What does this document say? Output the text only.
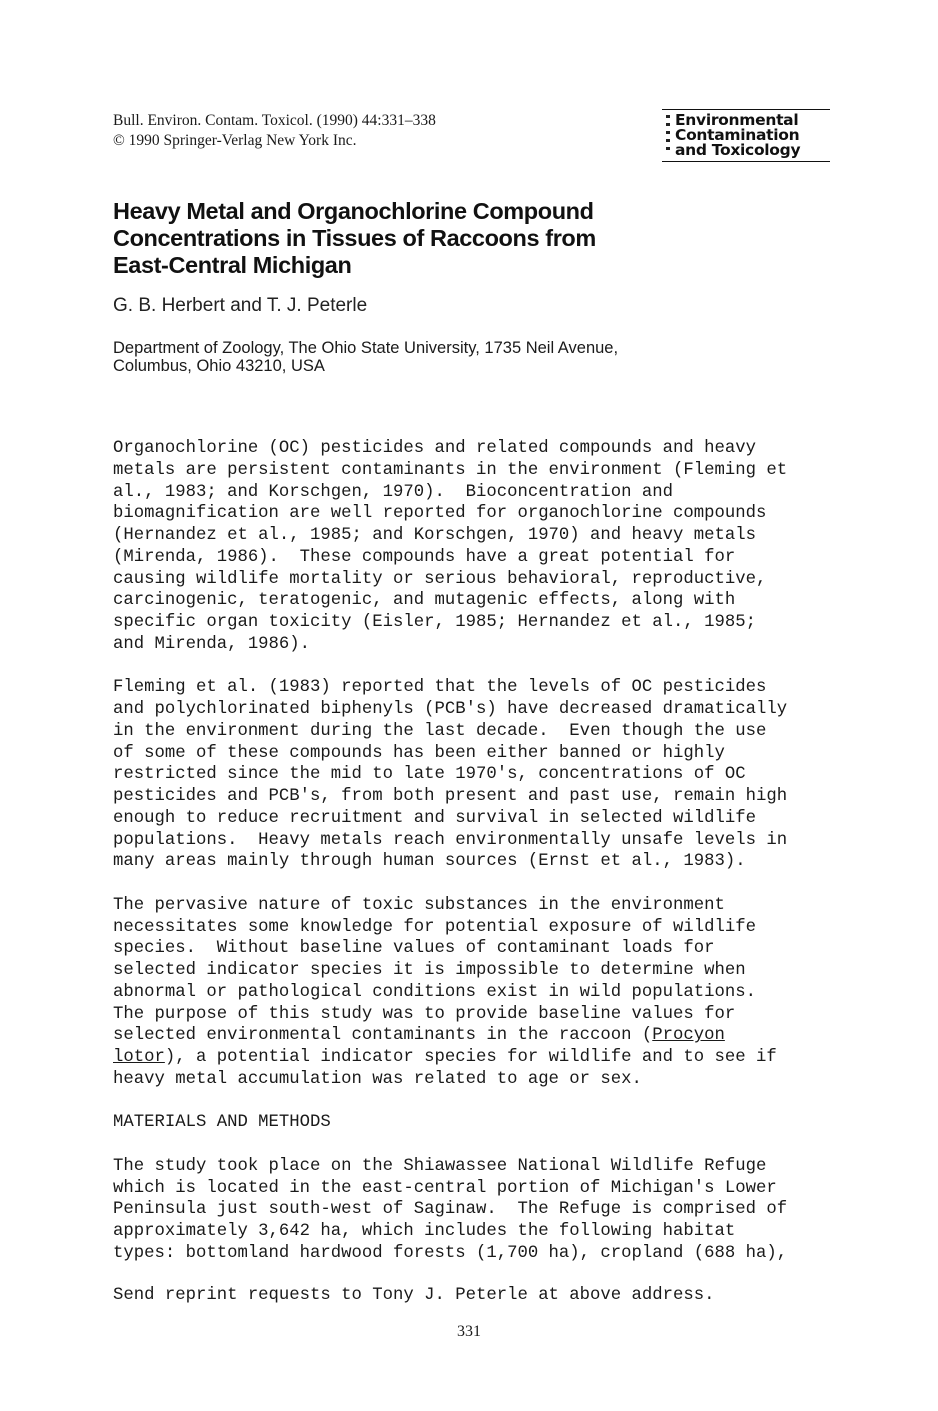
Bull. Environ. Contam. Toxicol. (1990) 44:331–338
© 1990 Springer-Verlag New York Inc.
Environmental
Contamination
and Toxicology
Heavy Metal and Organochlorine Compound
Concentrations in Tissues of Raccoons from
East-Central Michigan
G. B. Herbert and T. J. Peterle
Department of Zoology, The Ohio State University, 1735 Neil Avenue,
Columbus, Ohio 43210, USA
Organochlorine (OC) pesticides and related compounds and heavy
metals are persistent contaminants in the environment (Fleming et
al., 1983; and Korschgen, 1970).  Bioconcentration and
biomagnification are well reported for organochlorine compounds
(Hernandez et al., 1985; and Korschgen, 1970) and heavy metals
(Mirenda, 1986).  These compounds have a great potential for
causing wildlife mortality or serious behavioral, reproductive,
carcinogenic, teratogenic, and mutagenic effects, along with
specific organ toxicity (Eisler, 1985; Hernandez et al., 1985;
and Mirenda, 1986).
Fleming et al. (1983) reported that the levels of OC pesticides
and polychlorinated biphenyls (PCB's) have decreased dramatically
in the environment during the last decade.  Even though the use
of some of these compounds has been either banned or highly
restricted since the mid to late 1970's, concentrations of OC
pesticides and PCB's, from both present and past use, remain high
enough to reduce recruitment and survival in selected wildlife
populations.  Heavy metals reach environmentally unsafe levels in
many areas mainly through human sources (Ernst et al., 1983).
The pervasive nature of toxic substances in the environment
necessitates some knowledge for potential exposure of wildlife
species.  Without baseline values of contaminant loads for
selected indicator species it is impossible to determine when
abnormal or pathological conditions exist in wild populations.
The purpose of this study was to provide baseline values for
selected environmental contaminants in the raccoon (Procyon
lotor), a potential indicator species for wildlife and to see if
heavy metal accumulation was related to age or sex.
MATERIALS AND METHODS
The study took place on the Shiawassee National Wildlife Refuge
which is located in the east-central portion of Michigan's Lower
Peninsula just south-west of Saginaw.  The Refuge is comprised of
approximately 3,642 ha, which includes the following habitat
types: bottomland hardwood forests (1,700 ha), cropland (688 ha),
Send reprint requests to Tony J. Peterle at above address.
331
